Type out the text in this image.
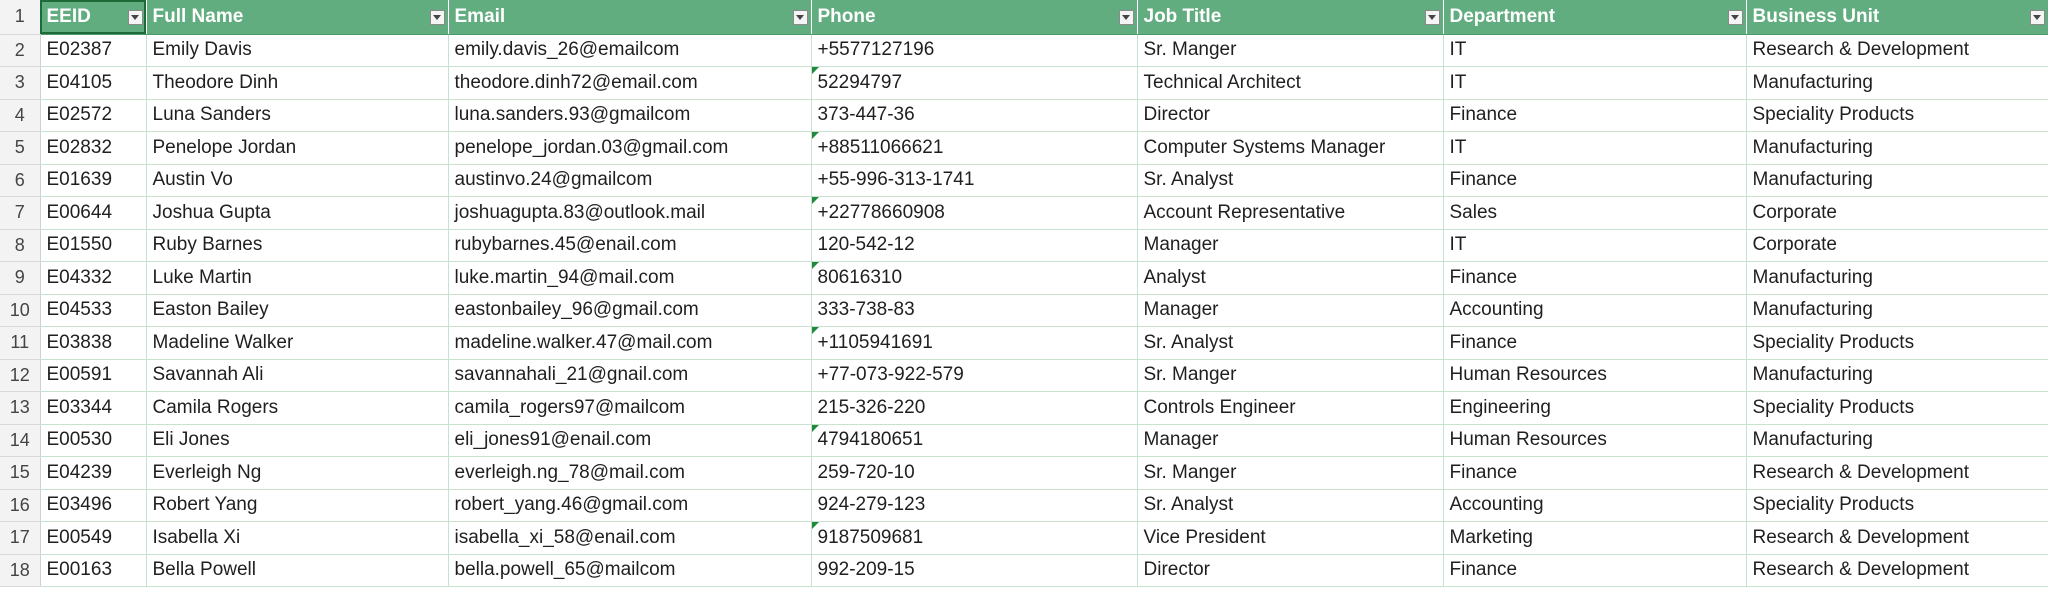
1	EEID	Full Name	Email	Phone	Job Title	Department	Business Unit

2	E02387	Emily Davis	emily.davis_26@emailcom	+5577127196	Sr. Manger	IT	Research & Development
3	E04105	Theodore Dinh	theodore.dinh72@email.com	52294797	Technical Architect	IT	Manufacturing
4	E02572	Luna Sanders	luna.sanders.93@gmailcom	373-447-36	Director	Finance	Speciality Products
5	E02832	Penelope Jordan	penelope_jordan.03@gmail.com	+88511066621	Computer Systems Manager	IT	Manufacturing
6	E01639	Austin Vo	austinvo.24@gmailcom	+55-996-313-1741	Sr. Analyst	Finance	Manufacturing
7	E00644	Joshua Gupta	joshuagupta.83@outlook.mail	+22778660908	Account Representative	Sales	Corporate
8	E01550	Ruby Barnes	rubybarnes.45@enail.com	120-542-12	Manager	IT	Corporate
9	E04332	Luke Martin	luke.martin_94@mail.com	80616310	Analyst	Finance	Manufacturing
10	E04533	Easton Bailey	eastonbailey_96@gmail.com	333-738-83	Manager	Accounting	Manufacturing
11	E03838	Madeline Walker	madeline.walker.47@mail.com	+1105941691	Sr. Analyst	Finance	Speciality Products
12	E00591	Savannah Ali	savannahali_21@gnail.com	+77-073-922-579	Sr. Manger	Human Resources	Manufacturing
13	E03344	Camila Rogers	camila_rogers97@mailcom	215-326-220	Controls Engineer	Engineering	Speciality Products
14	E00530	Eli Jones	eli_jones91@enail.com	4794180651	Manager	Human Resources	Manufacturing
15	E04239	Everleigh Ng	everleigh.ng_78@mail.com	259-720-10	Sr. Manger	Finance	Research & Development
16	E03496	Robert Yang	robert_yang.46@gmail.com	924-279-123	Sr. Analyst	Accounting	Speciality Products
17	E00549	Isabella Xi	isabella_xi_58@enail.com	9187509681	Vice President	Marketing	Research & Development
18	E00163	Bella Powell	bella.powell_65@mailcom	992-209-15	Director	Finance	Research & Development
